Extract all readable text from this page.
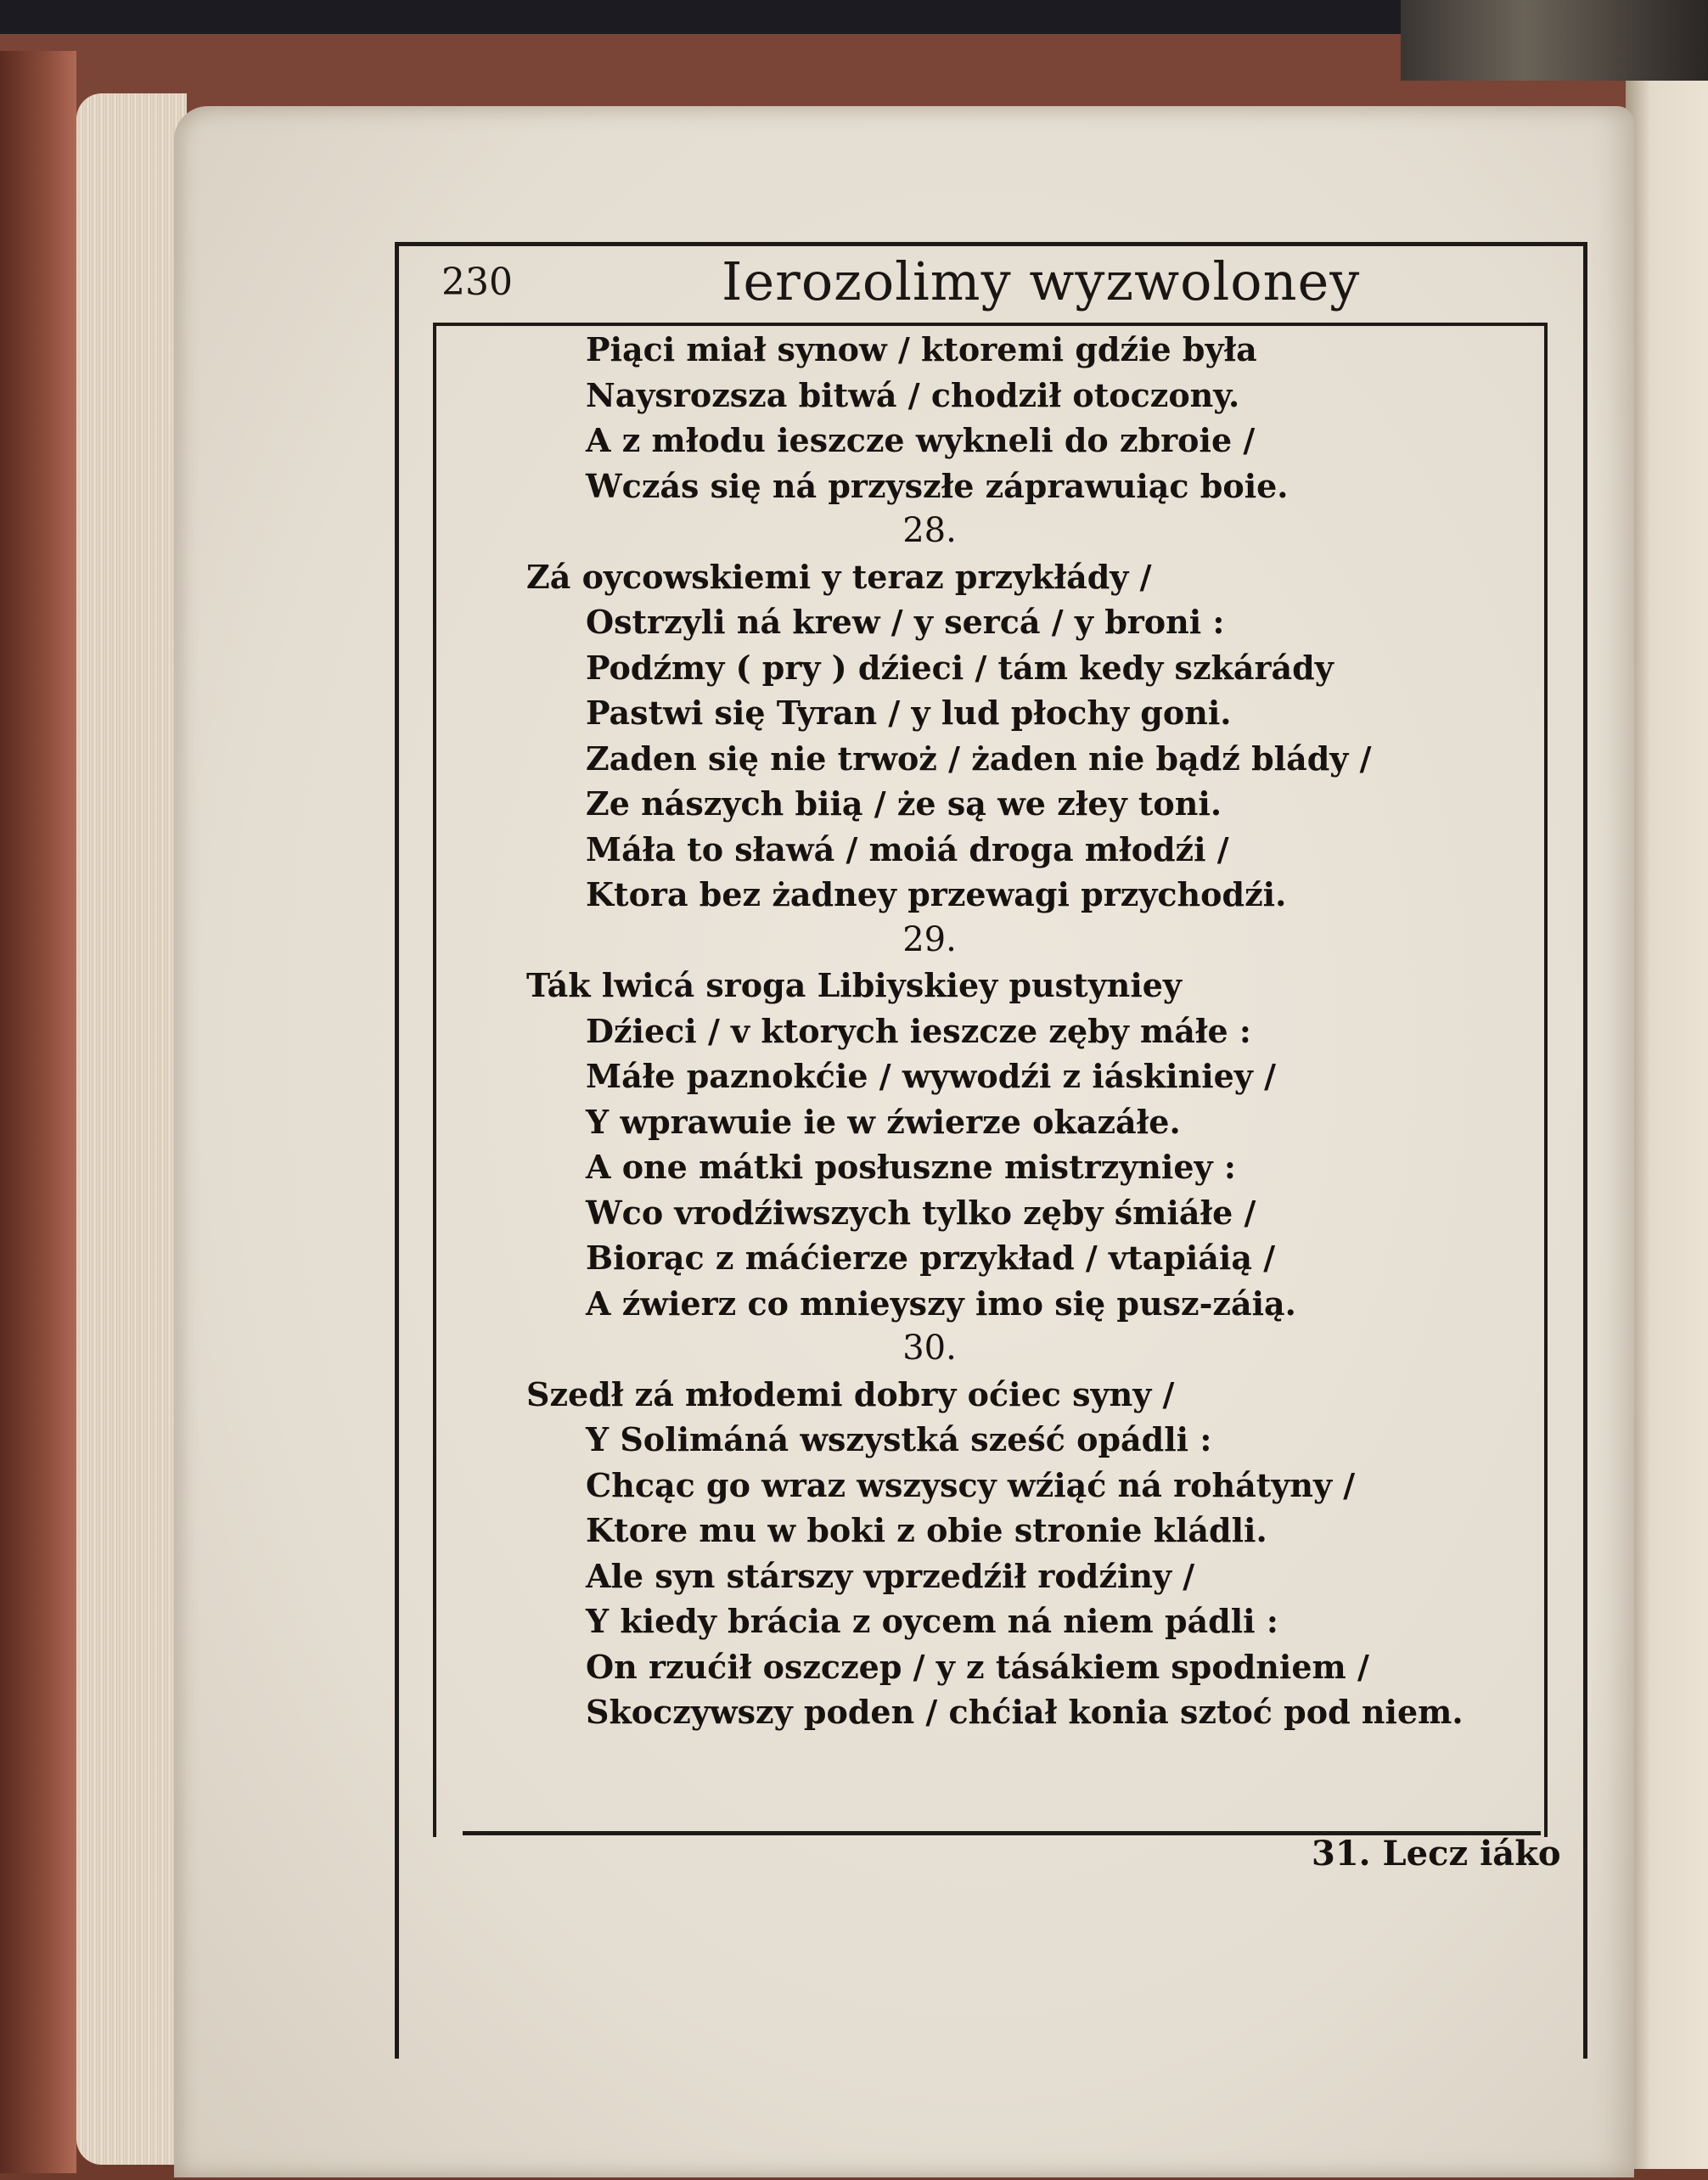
230	Ierozolimy wyzwoloney
Piąci miał synow / ktoremi gdźie była
Naysrozsza bitwá / chodził otoczony.
A z młodu ieszcze wykneli do zbroie /
Wczás się ná przyszłe záprawuiąc boie.
28.
Zá oycowskiemi y teraz przykłády /
Ostrzyli ná krew / y sercá / y broni :
Podźmy ( pry ) dźieci / tám kedy szkárády
Pastwi się Tyran / y lud płochy goni.
Zaden się nie trwoż / żaden nie bądź blády /
Ze nászych biią / że są we złey toni.
Máła to sławá / moiá droga młodźi /
Ktora bez żadney przewagi przychodźi.
29.
Ták lwicá sroga Libiyskiey pustyniey
Dźieci / v ktorych ieszcze zęby máłe :
Máłe paznokćie / wywodźi z iáskiniey /
Y wprawuie ie w źwierze okazáłe.
A one mátki posłuszne mistrzyniey :
Wco vrodźiwszych tylko zęby śmiáłe /
Biorąc z máćierze przykład / vtapiáią /
A źwierz co mnieyszy imo się pusz-záią.
30.
Szedł zá młodemi dobry oćiec syny /
Y Solimáná wszystká sześć opádli :
Chcąc go wraz wszyscy wźiąć ná rohátyny /
Ktore mu w boki z obie stronie kládli.
Ale syn stárszy vprzedźił rodźiny /
Y kiedy brácia z oycem ná niem pádli :
On rzućił oszczep / y z tásákiem spodniem /
Skoczywszy poden / chćiał konia sztoć pod niem.
31. Lecz iáko
